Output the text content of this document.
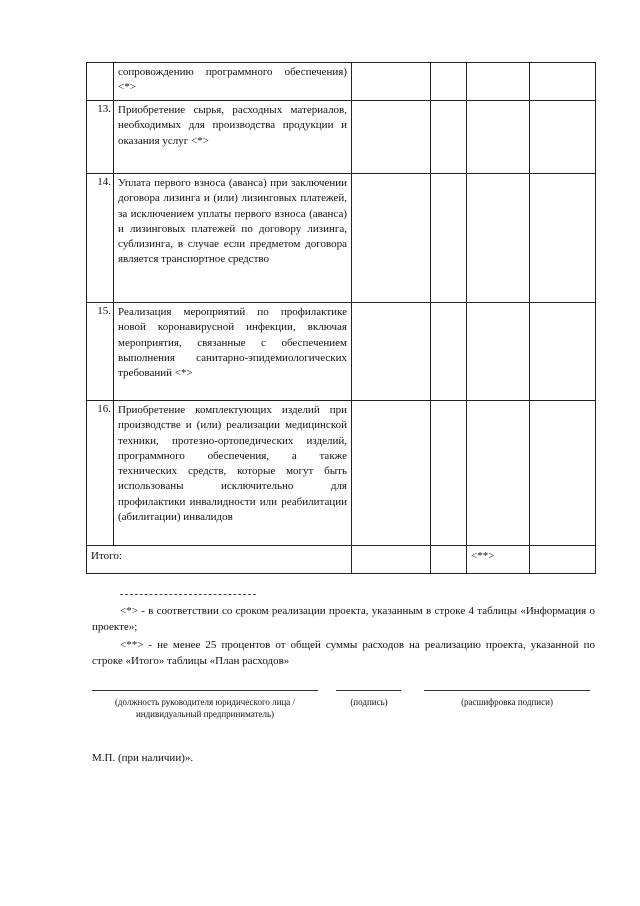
	сопровождению программного обеспечения) <*>				

13.	Приобретение сырья, расходных материалов, необходимых для производства продукции и оказания услуг <*>				

14.	Уплата первого взноса (аванса) при заключении договора лизинга и (или) лизинговых платежей, за исключением уплаты первого взноса (аванса) и лизинговых платежей по договору лизинга, сублизинга, в случае если предметом договора является транспортное средство				

15.	Реализация мероприятий по профилактике новой коронавирусной инфекции, включая мероприятия, связанные с обеспечением выполнения санитарно-эпидемиологических требований <*>				

16.	Приобретение комплектующих изделий при производстве и (или) реализации медицинской техники, протезно-ортопедических изделий, программного обеспечения, а также технических средств, которые могут быть использованы исключительно для профилактики инвалидности или реабилитации (абилитации) инвалидов				

Итого:				<**>	

<*> - в соответствии со сроком реализации проекта, указанным в строке 4 таблицы «Информация о проекте»;

<**> - не менее 25 процентов от общей суммы расходов на реализацию проекта, указанной по строке «Итого» таблицы «План расходов»

(должность руководителя юридического лица / индивидуальный предприниматель)
(подпись)	(расшифровка подписи)
М.П. (при наличии)».
